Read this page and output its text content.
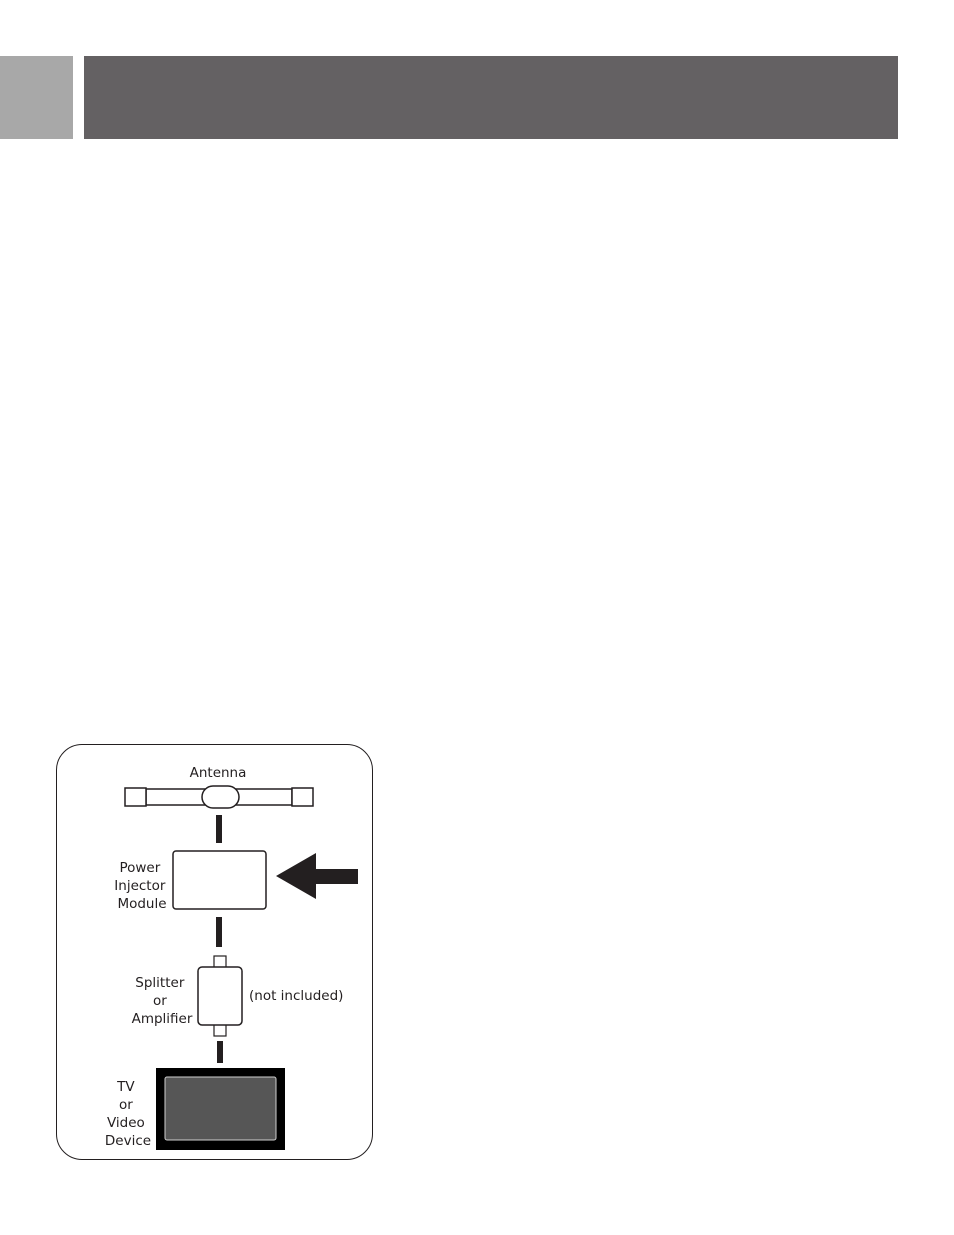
Antenna
Power Injector Module
Splitter or Amplifier
(not included)
TV or Video Device
